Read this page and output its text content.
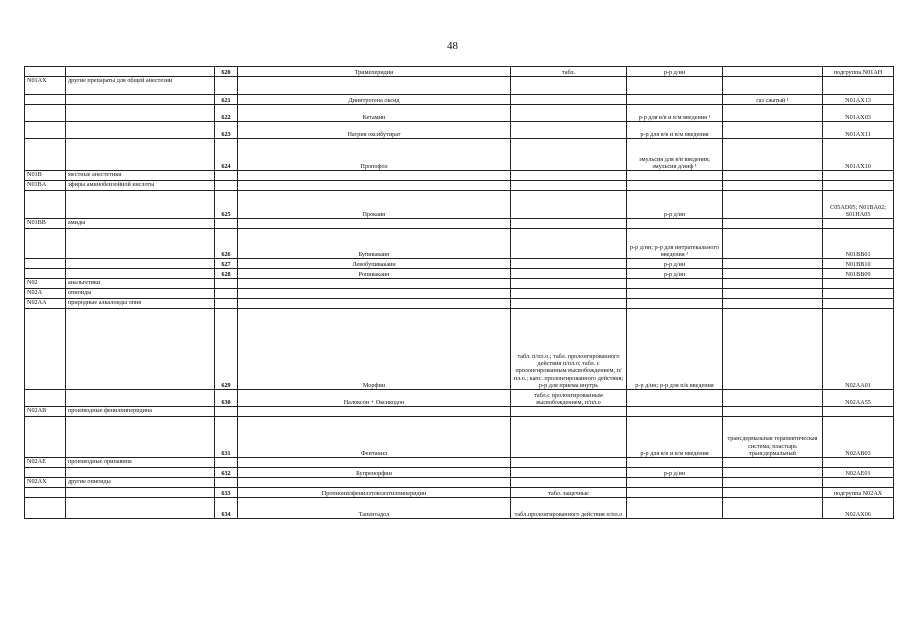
48
		620	Тримеперидин	табл.	р-р д/ин		подгруппа N01AH
N01AX	другие препараты для общей анестезии						
		621	Динитрогена оксид			газ сжатый ¹	N01AX13
		622	Кетамин		р-р для в/в и в/м введения ¹		N01AX03
		623	Натрия оксибутират		р-р для в/в и в/м введения		N01AX11
		624	Пропофол		эмульсия для в/в введения; эмульсия д/инф ¹		N01AX10
N01B	местные анестетики						
N01BA	эфиры аминобензойной кислоты						
		625	Прокаин		р-р д/ин		C05AD05; N01BA02; S01HA05
N01BB	амиды						
		626	Бупивакаин		р-р д/ин; р-р для интратекального введения ¹		N01BB01
		627	Левобупивакаин		р-р д/ин		N01BB10
		628	Ропивакаин		р-р д/ин		N01BB09
N02	анальгетики						
N02A	опиоиды						
N02AA	природные алкалоиды опия						
		629	Морфин	табл. п/пл.о.; табл. пролонгированного действия п/пл.о; табл. с пролонгированным высвобождением, п/пл.о.; капс. пролонгированного действия; р-р для приема внутрь	р-р д/ин; р-р для п/к введения		N02AA01
		630	Налоксон + Оксикодон	табл.с пролонгированным высвобождением, п/пл.о			N02AA55
N02AB	производные фенилпиперидина						
		631	Фентанил		р-р для в/в и в/м введения	трансдермальная терапевтическая система; пластырь трансдермальный	N02AB03
N02AE	производные орипавина						
		632	Бупренорфин		р-р д/ин		N02AE01
N02AX	другие опиоиды						
		633	Пропионилфенилэтоксиэтилпиперидин	табл. защечные			подгруппа N02AX
		634	Тапентадол	табл.пролонгированного действия п/пл.о			N02AX06
